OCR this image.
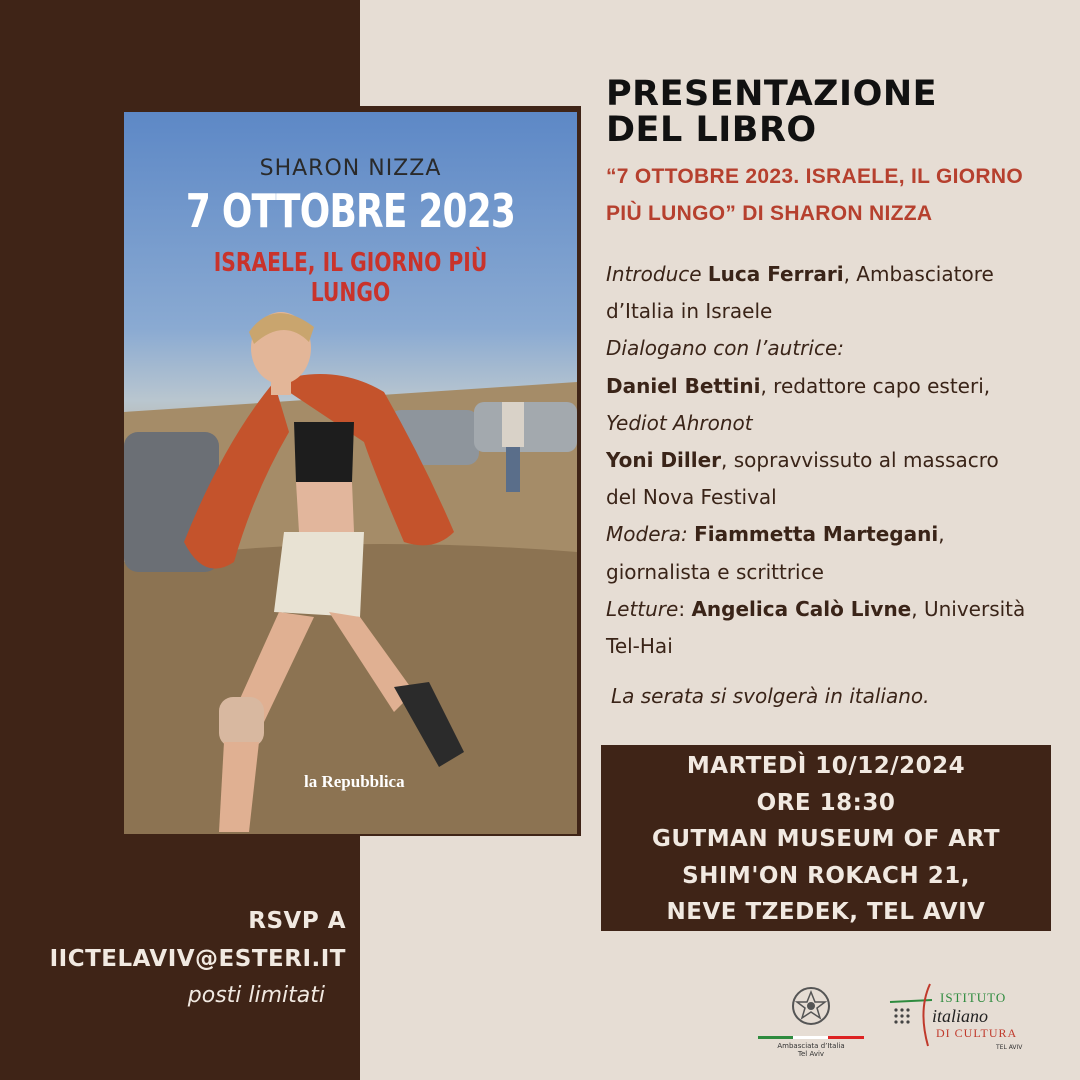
SHARON NIZZA
7 OTTOBRE 2023
ISRAELE, IL GIORNO PIÙ LUNGO
la Repubblica
PRESENTAZIONE
DEL LIBRO
“7 OTTOBRE 2023. ISRAELE, IL GIORNO
PIÙ LUNGO” DI SHARON NIZZA

Introduce Luca Ferrari, Ambasciatore

d’Italia in Israele

Dialogano con l’autrice:

Daniel Bettini, redattore capo esteri,

Yediot Ahronot

Yoni Diller, sopravvissuto al massacro

del Nova Festival

Modera: Fiammetta Martegani,

giornalista e scrittrice

Letture: Angelica Calò Livne, Università

Tel-Hai

La serata si svolgerà in italiano.
MARTEDÌ 10/12/2024
ORE 18:30
GUTMAN MUSEUM OF ART
SHIM'ON ROKACH 21,
NEVE TZEDEK, TEL AVIV
RSVP A
IICTELAVIV@ESTERI.IT
posti limitati
Ambasciata d’Italia
Tel Aviv
ISTITUTO
italiano
DI CULTURA
TEL AVIV
